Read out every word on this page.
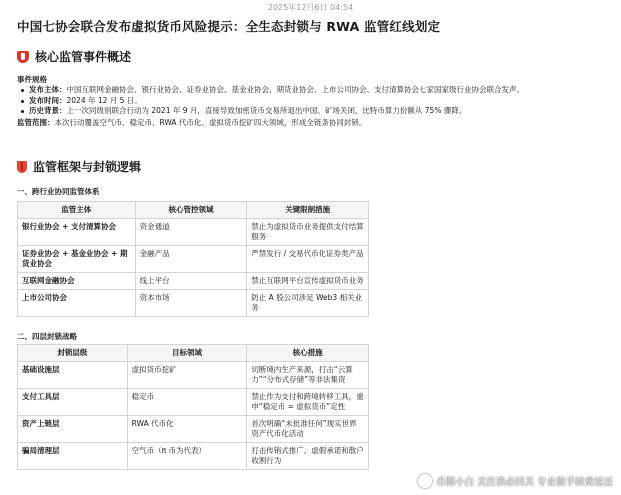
2025年12月6日 04:54
中国七协会联合发布虚拟货币风险提示：全生态封锁与 RWA 监管红线划定
核心监管事件概述
事件规格
发布主体：中国互联网金融协会、银行业协会、证券业协会、基金业协会、期货业协会、上市公司协会、支付清算协会七家国家级行业协会联合发声。
发布时间：2024 年 12 月 5 日。
历史背景：上一次同级别联合行动为 2021 年 9 月，直接导致加密货币交易所退出中国、矿场关闭，比特币算力份额从 75% 骤降。
监管范围：本次行动覆盖空气币、稳定币、RWA 代币化、虚拟货币挖矿四大领域，形成全链条协同封锁。
监管框架与封锁逻辑
一、跨行业协同监管体系
监管主体	核心管控领域	关键限制措施
银行业协会 + 支付清算协会	资金通道	禁止为虚拟货币业务提供支付结算服务
证券业协会 + 基金业协会 + 期货业协会	金融产品	严禁发行 / 交易代币化证券类产品
互联网金融协会	线上平台	禁止互联网平台宣传虚拟货币业务
上市公司协会	资本市场	防止 A 股公司涉足 Web3 相关业务
二、四层封锁战略
封锁层级	目标领域	核心措施
基础设施层	虚拟货币挖矿	切断境内生产来源，打击“云算力”“分布式存储”等非法集资
支付工具层	稳定币	禁止作为支付和跨境转移工具，重申“稳定币 = 虚拟货币”定性
资产上链层	RWA 代币化	首次明确“未批准任何”现实世界资产代币化活动
骗局清理层	空气币（π 币为代表）	打击传销式推广、虚假承诺和散户收割行为
币圈小白 关注我必回关 专业做手续费返还
